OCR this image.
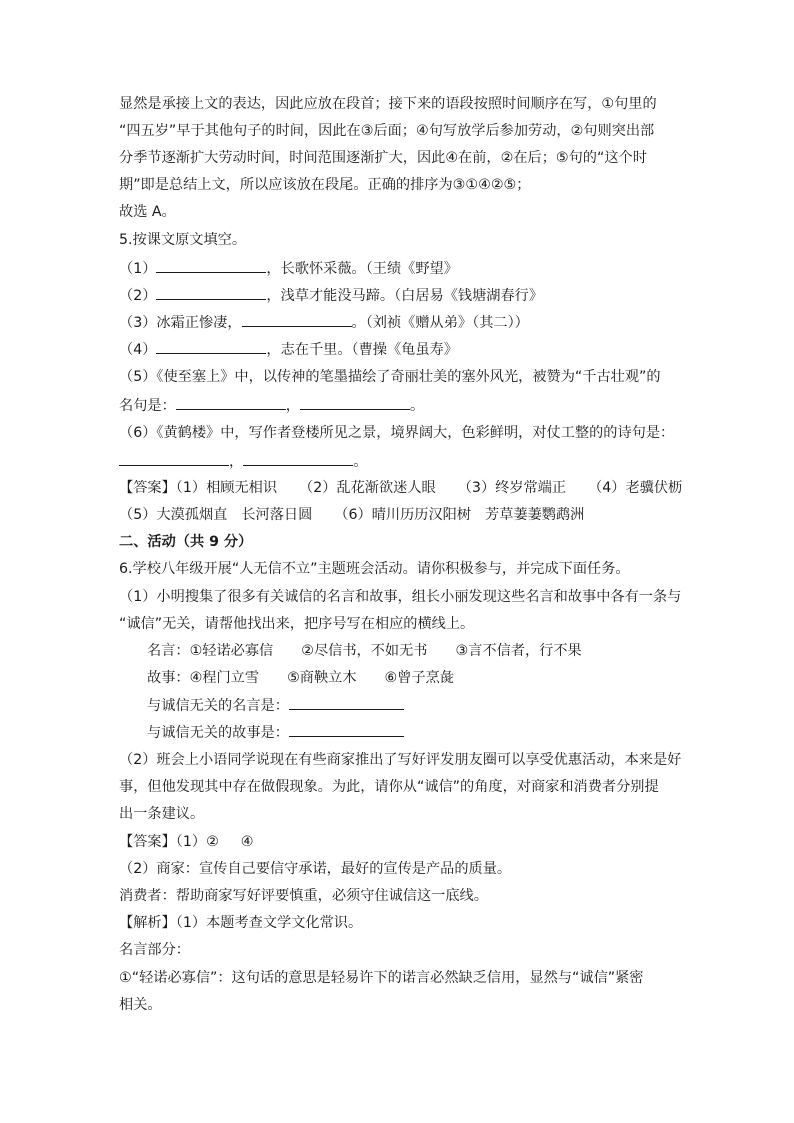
显然是承接上文的表达，因此应放在段首；接下来的语段按照时间顺序在写，①句里的
“四五岁”早于其他句子的时间，因此在③后面；④句写放学后参加劳动，②句则突出部
分季节逐渐扩大劳动时间，时间范围逐渐扩大，因此④在前，②在后；⑤句的“这个时
期”即是总结上文，所以应该放在段尾。正确的排序为③①④②⑤；
故选 A。
5.按课文原文填空。
（1）	，长歌怀采薇。（王绩《野望》
（2）	，浅草才能没马蹄。（白居易《钱塘湖春行》
（3）冰霜正惨凄，	。（刘祯《赠从弟》（其二））
（4）	，志在千里。（曹操《龟虽寿》
（5）《使至塞上》中，以传神的笔墨描绘了奇丽壮美的塞外风光，被赞为“千古壮观”的
名句是：	，	。
（6）《黄鹤楼》中，写作者登楼所见之景，境界阔大，色彩鲜明，对仗工整的的诗句是：
，	。
【答案】（1）相顾无相识 （2）乱花渐欲迷人眼 （3）终岁常端正 （4）老骥伏枥
（5）大漠孤烟直 长河落日圆 （6）晴川历历汉阳树 芳草萋萋鹦鹉洲
二、活动（共 9 分）
6.学校八年级开展“人无信不立”主题班会活动。请你积极参与，并完成下面任务。
（1）小明搜集了很多有关诚信的名言和故事，组长小丽发现这些名言和故事中各有一条与
“诚信”无关，请帮他找出来，把序号写在相应的横线上。
名言：①轻诺必寡信 ②尽信书，不如无书 ③言不信者，行不果
故事：④程门立雪 ⑤商鞅立木 ⑥曾子烹彘
与诚信无关的名言是：
与诚信无关的故事是：
（2）班会上小语同学说现在有些商家推出了写好评发朋友圈可以享受优惠活动，本来是好
事，但他发现其中存在做假现象。为此，请你从“诚信”的角度，对商家和消费者分别提
出一条建议。
【答案】（1）② ④
（2）商家：宣传自己要信守承诺，最好的宣传是产品的质量。
消费者：帮助商家写好评要慎重，必须守住诚信这一底线。
【解析】（1）本题考查文学文化常识。
名言部分：
①“轻诺必寡信”：这句话的意思是轻易许下的诺言必然缺乏信用，显然与“诚信”紧密
相关。
